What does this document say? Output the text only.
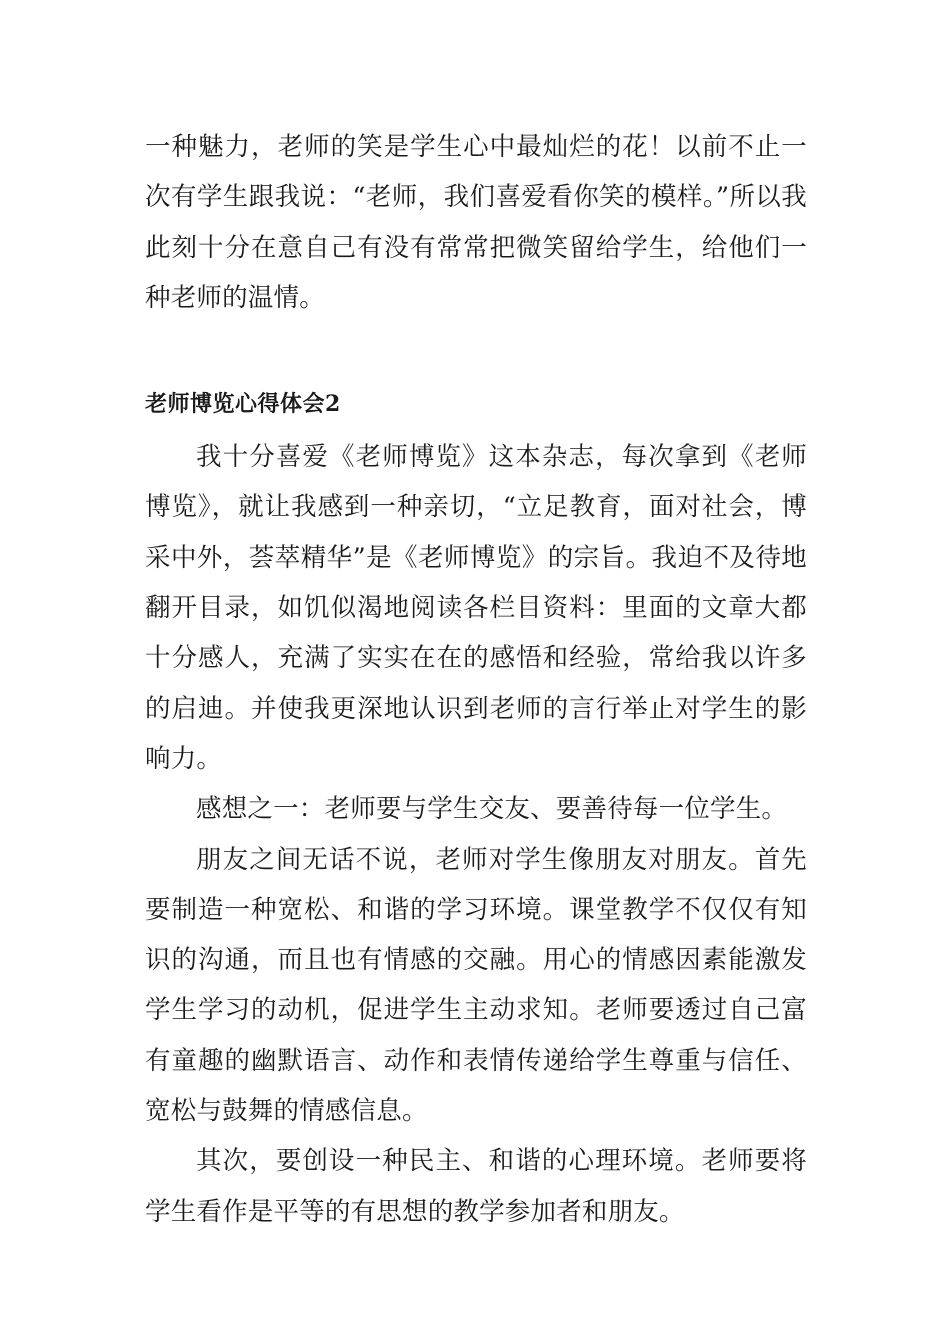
一种魅力，老师的笑是学生心中最灿烂的花！以前不止一次有学生跟我说：“老师，我们喜爱看你笑的模样。”所以我此刻十分在意自己有没有常常把微笑留给学生，给他们一种老师的温情。

老师博览心得体会2

我十分喜爱《老师博览》这本杂志，每次拿到《老师博览》，就让我感到一种亲切，“立足教育，面对社会，博采中外，荟萃精华”是《老师博览》的宗旨。我迫不及待地翻开目录，如饥似渴地阅读各栏目资料：里面的文章大都十分感人，充满了实实在在的感悟和经验，常给我以许多的启迪。并使我更深地认识到老师的言行举止对学生的影响力。

感想之一：老师要与学生交友、要善待每一位学生。

朋友之间无话不说，老师对学生像朋友对朋友。首先要制造一种宽松、和谐的学习环境。课堂教学不仅仅有知识的沟通，而且也有情感的交融。用心的情感因素能激发学生学习的动机，促进学生主动求知。老师要透过自己富有童趣的幽默语言、动作和表情传递给学生尊重与信任、宽松与鼓舞的情感信息。

其次，要创设一种民主、和谐的心理环境。老师要将学生看作是平等的有思想的教学参加者和朋友。
